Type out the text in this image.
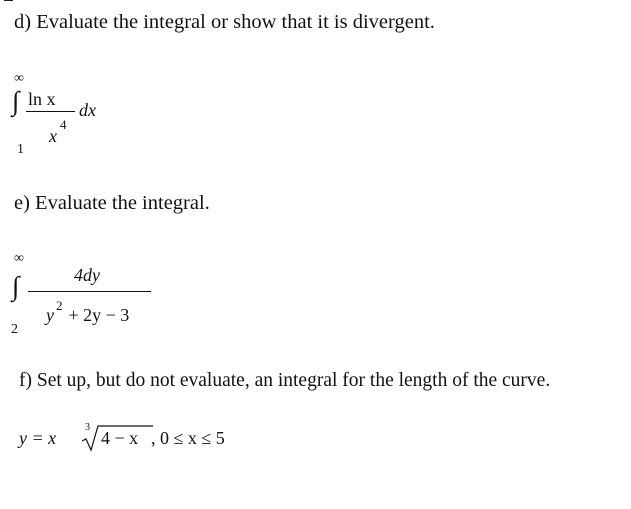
d) Evaluate the integral or show that it is divergent.
∞
∫
1
ln x
4
x
dx
e) Evaluate the integral.
∞
∫
2
4dy
2
y + 2y − 3
f) Set up, but do not evaluate, an integral for the length of the curve.
y = x
3
4 − x , 0 ≤ x ≤ 5
